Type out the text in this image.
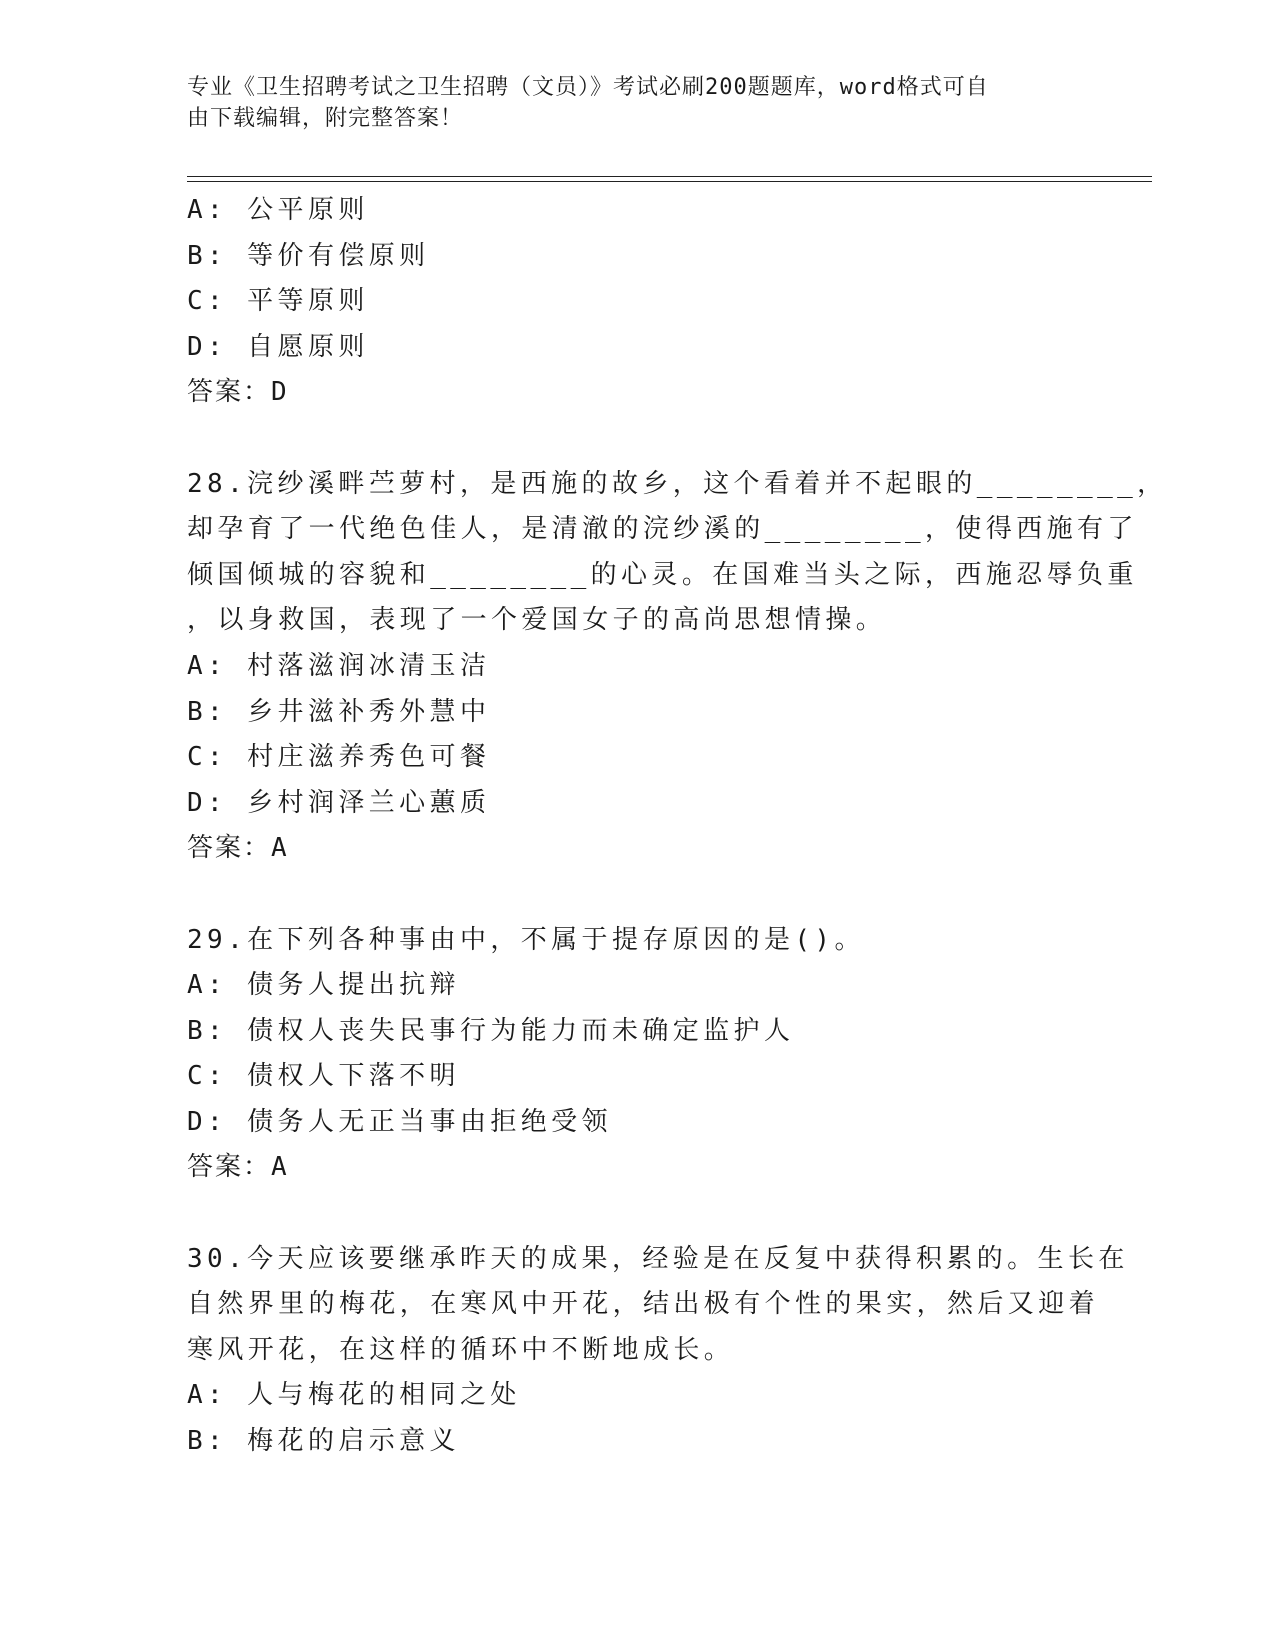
专业《卫生招聘考试之卫生招聘（文员）》考试必刷200题题库，word格式可自
由下载编辑，附完整答案！
A: 公平原则
B: 等价有偿原则
C: 平等原则
D: 自愿原则
答案：D
28.浣纱溪畔苎萝村，是西施的故乡，这个看着并不起眼的________，
却孕育了一代绝色佳人，是清澈的浣纱溪的________，使得西施有了
倾国倾城的容貌和________的心灵。在国难当头之际，西施忍辱负重
，以身救国，表现了一个爱国女子的高尚思想情操。
A: 村落滋润冰清玉洁
B: 乡井滋补秀外慧中
C: 村庄滋养秀色可餐
D: 乡村润泽兰心蕙质
答案：A
29.在下列各种事由中，不属于提存原因的是()。
A: 债务人提出抗辩
B: 债权人丧失民事行为能力而未确定监护人
C: 债权人下落不明
D: 债务人无正当事由拒绝受领
答案：A
30.今天应该要继承昨天的成果，经验是在反复中获得积累的。生长在
自然界里的梅花，在寒风中开花，结出极有个性的果实，然后又迎着
寒风开花，在这样的循环中不断地成长。
A: 人与梅花的相同之处
B: 梅花的启示意义
